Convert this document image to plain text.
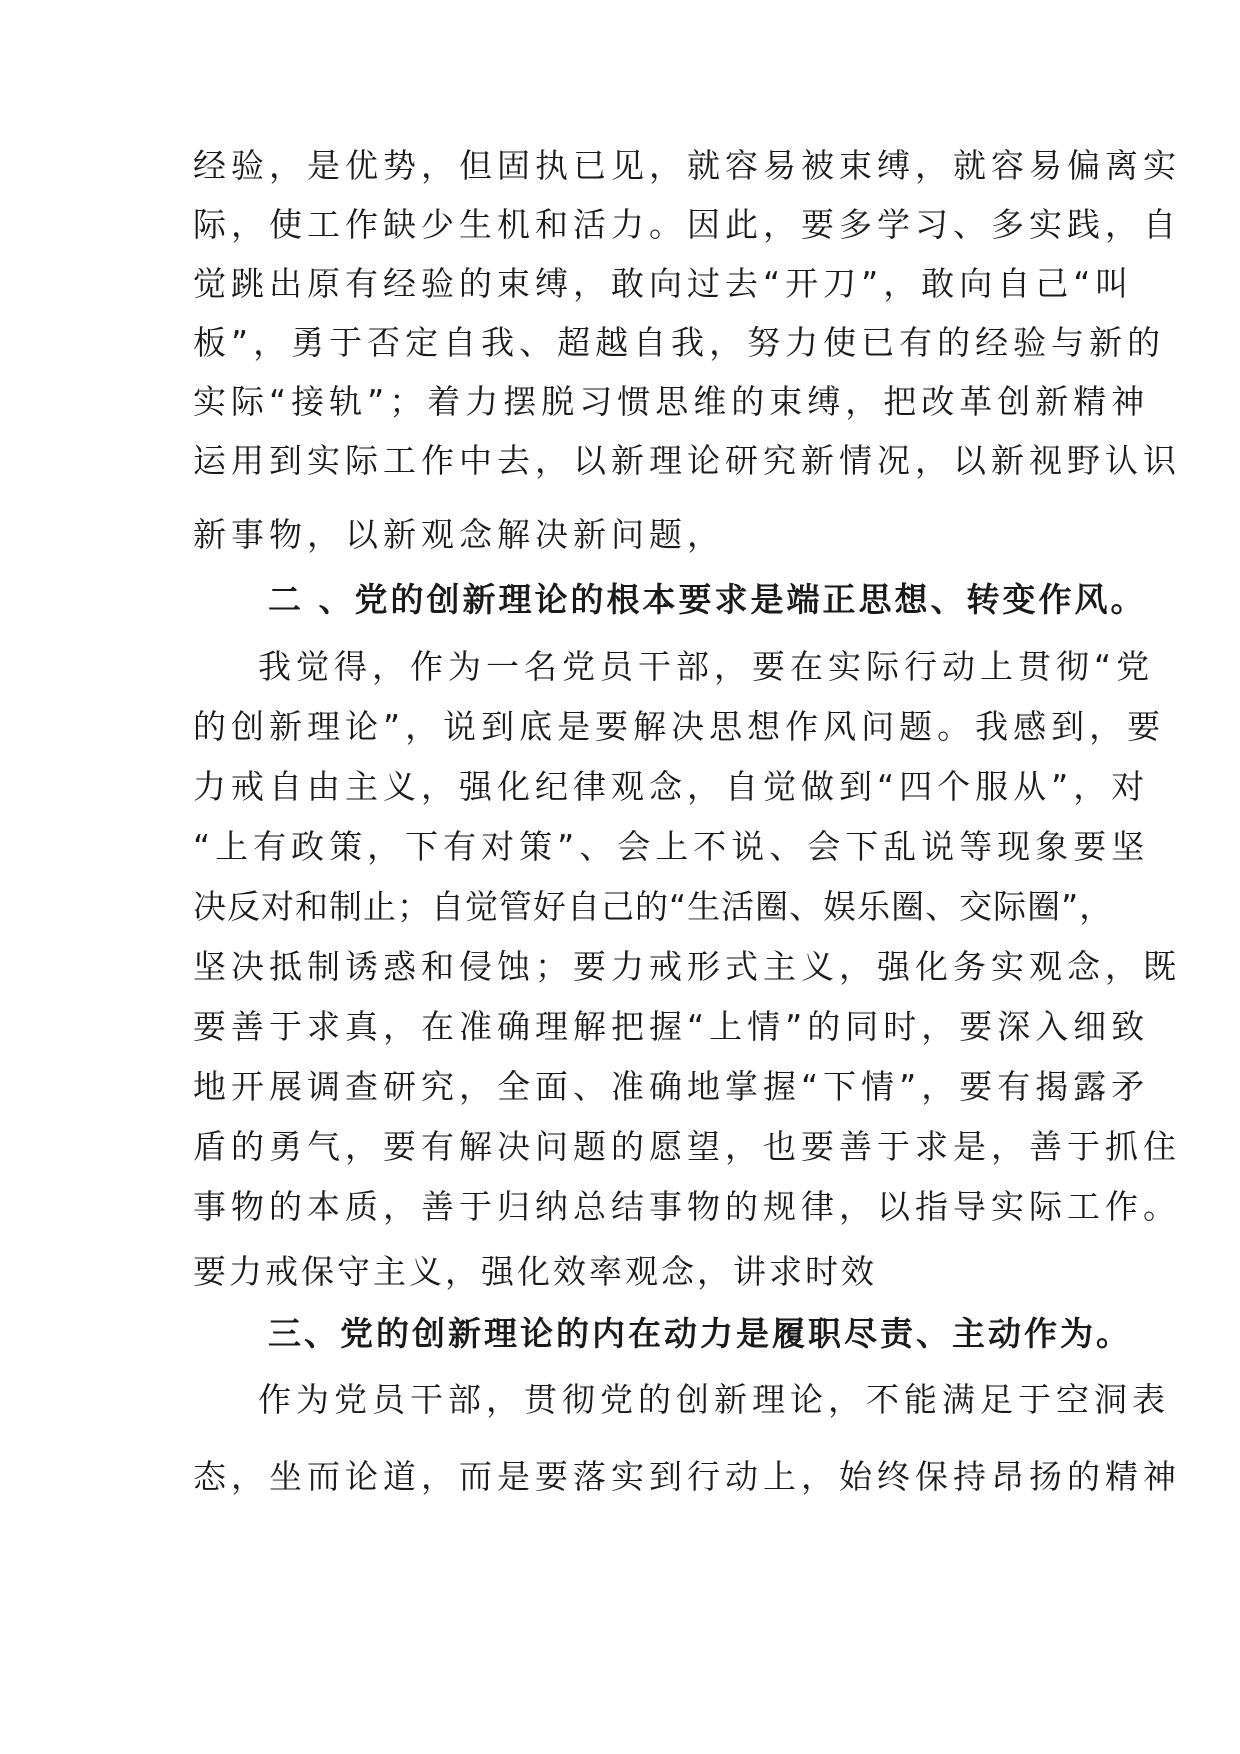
经验，是优势，但固执已见，就容易被束缚，就容易偏离实
际，使工作缺少生机和活力。因此，要多学习、多实践，自
觉跳出原有经验的束缚，敢向过去“开刀”，敢向自己“叫
板”，勇于否定自我、超越自我，努力使已有的经验与新的
实际“接轨”；着力摆脱习惯思维的束缚，把改革创新精神
运用到实际工作中去，以新理论研究新情况，以新视野认识
新事物，以新观念解决新问题，
二 、党的创新理论的根本要求是端正思想、转变作风。
我觉得，作为一名党员干部，要在实际行动上贯彻“党
的创新理论”，说到底是要解决思想作风问题。我感到，要
力戒自由主义，强化纪律观念，自觉做到“四个服从”，对
“上有政策，下有对策”、会上不说、会下乱说等现象要坚
决反对和制止；自觉管好自己的“生活圈、娱乐圈、交际圈”，
坚决抵制诱惑和侵蚀；要力戒形式主义，强化务实观念，既
要善于求真，在准确理解把握“上情”的同时，要深入细致
地开展调查研究，全面、准确地掌握“下情”，要有揭露矛
盾的勇气，要有解决问题的愿望，也要善于求是，善于抓住
事物的本质，善于归纳总结事物的规律，以指导实际工作。
要力戒保守主义，强化效率观念，讲求时效
三、党的创新理论的内在动力是履职尽责、主动作为。
作为党员干部，贯彻党的创新理论，不能满足于空洞表
态，坐而论道，而是要落实到行动上，始终保持昂扬的精神
